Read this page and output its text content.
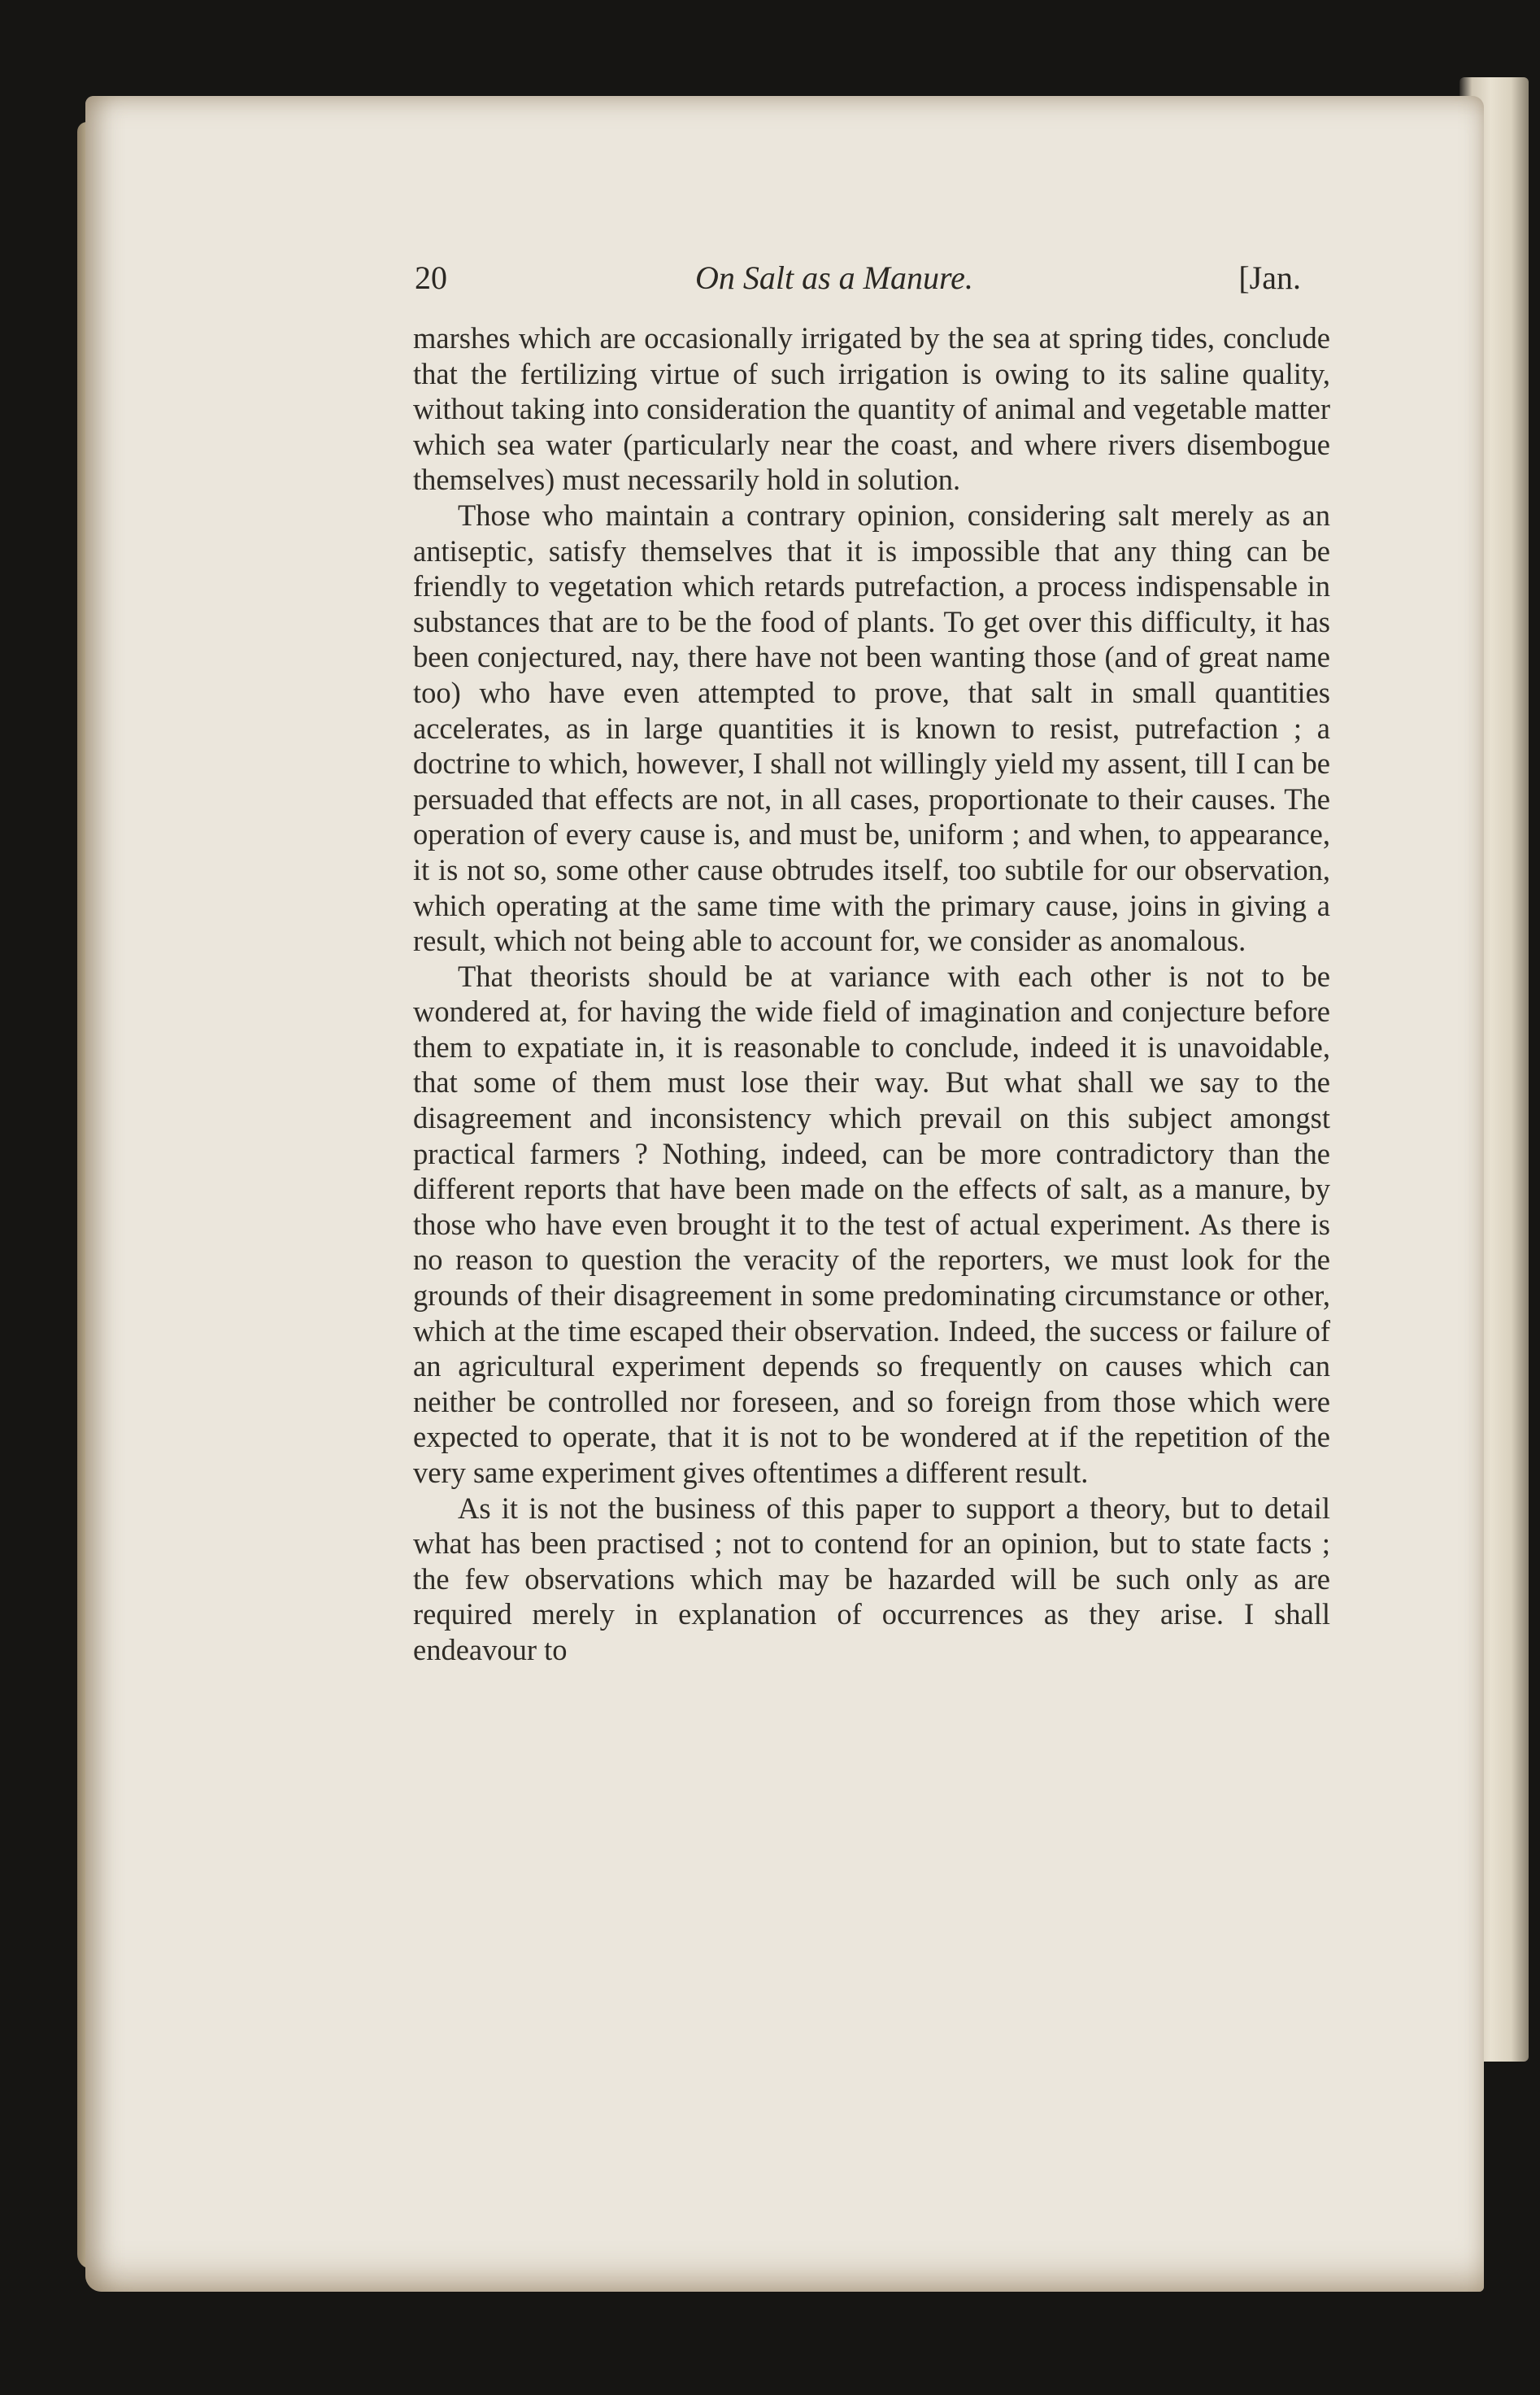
20	On Salt as a Manure.	[Jan.

marshes which are occasionally irrigated by the sea at spring tides, conclude that the fertilizing virtue of such irrigation is owing to its saline quality, without taking into consideration the quantity of animal and vegetable matter which sea water (particularly near the coast, and where rivers disembogue themselves) must necessarily hold in solution.

Those who maintain a contrary opinion, considering salt merely as an antiseptic, satisfy themselves that it is impossible that any thing can be friendly to vegetation which retards putrefaction, a process indispensable in substances that are to be the food of plants. To get over this difficulty, it has been conjectured, nay, there have not been wanting those (and of great name too) who have even attempted to prove, that salt in small quantities accelerates, as in large quantities it is known to resist, putrefaction ; a doctrine to which, however, I shall not willingly yield my assent, till I can be persuaded that effects are not, in all cases, proportionate to their causes. The operation of every cause is, and must be, uniform ; and when, to appearance, it is not so, some other cause obtrudes itself, too subtile for our observation, which operating at the same time with the primary cause, joins in giving a result, which not being able to account for, we consider as anomalous.

That theorists should be at variance with each other is not to be wondered at, for having the wide field of imagination and conjecture before them to expatiate in, it is reasonable to conclude, indeed it is unavoidable, that some of them must lose their way. But what shall we say to the disagreement and inconsistency which prevail on this subject amongst practical farmers ? Nothing, indeed, can be more contradictory than the different reports that have been made on the effects of salt, as a manure, by those who have even brought it to the test of actual experiment. As there is no reason to question the veracity of the reporters, we must look for the grounds of their disagreement in some predominating circumstance or other, which at the time escaped their observation. Indeed, the success or failure of an agricultural experiment depends so frequently on causes which can neither be controlled nor foreseen, and so foreign from those which were expected to operate, that it is not to be wondered at if the repetition of the very same experiment gives oftentimes a different result.

As it is not the business of this paper to support a theory, but to detail what has been practised ; not to contend for an opinion, but to state facts ; the few observations which may be hazarded will be such only as are required merely in explanation of occurrences as they arise. I shall endeavour to
